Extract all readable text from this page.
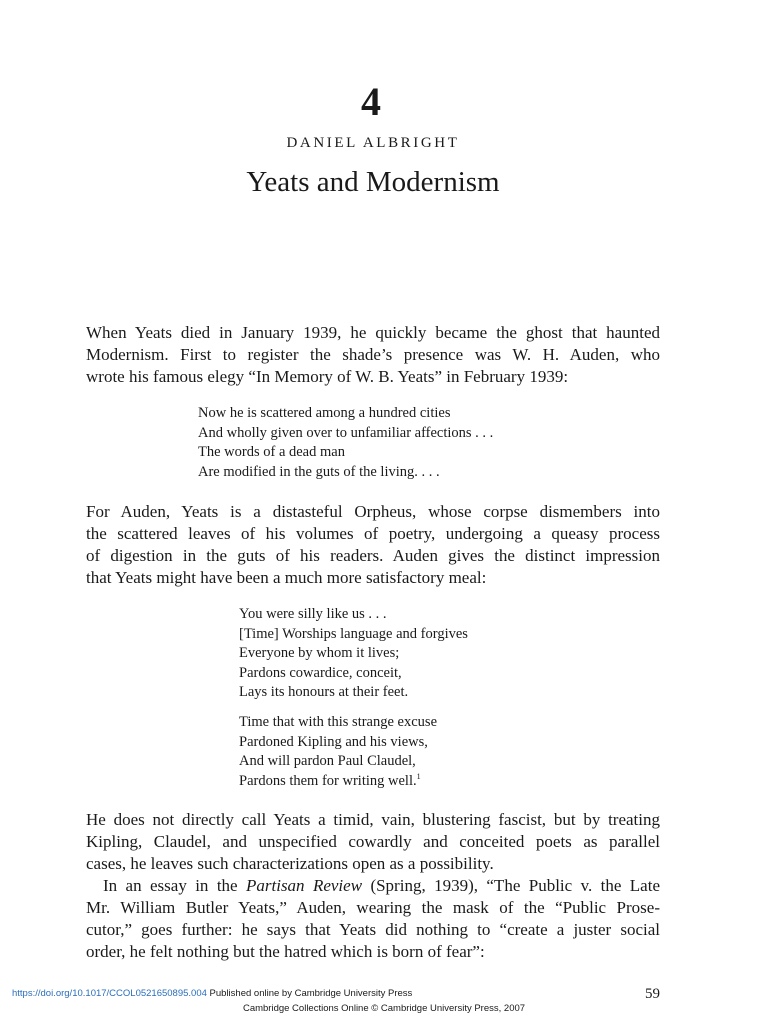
4
DANIEL ALBRIGHT
Yeats and Modernism
When Yeats died in January 1939, he quickly became the ghost that haunted
Modernism. First to register the shade’s presence was W. H. Auden, who
wrote his famous elegy “In Memory of W. B. Yeats” in February 1939:
Now he is scattered among a hundred cities
And wholly given over to unfamiliar affections . . .
The words of a dead man
Are modified in the guts of the living. . . .
For Auden, Yeats is a distasteful Orpheus, whose corpse dismembers into
the scattered leaves of his volumes of poetry, undergoing a queasy process
of digestion in the guts of his readers. Auden gives the distinct impression
that Yeats might have been a much more satisfactory meal:
You were silly like us . . .
[Time] Worships language and forgives
Everyone by whom it lives;
Pardons cowardice, conceit,
Lays its honours at their feet.
Time that with this strange excuse
Pardoned Kipling and his views,
And will pardon Paul Claudel,
Pardons them for writing well.$^1$
He does not directly call Yeats a timid, vain, blustering fascist, but by treating
Kipling, Claudel, and unspecified cowardly and conceited poets as parallel
cases, he leaves such characterizations open as a possibility.
In an essay in the Partisan Review (Spring, 1939), “The Public v. the Late
Mr. William Butler Yeats,” Auden, wearing the mask of the “Public Prose-
cutor,” goes further: he says that Yeats did nothing to “create a juster social
order, he felt nothing but the hatred which is born of fear”:
https://doi.org/10.1017/CCOL0521650895.004 Published online by Cambridge University Press	59
Cambridge Collections Online © Cambridge University Press, 2007
